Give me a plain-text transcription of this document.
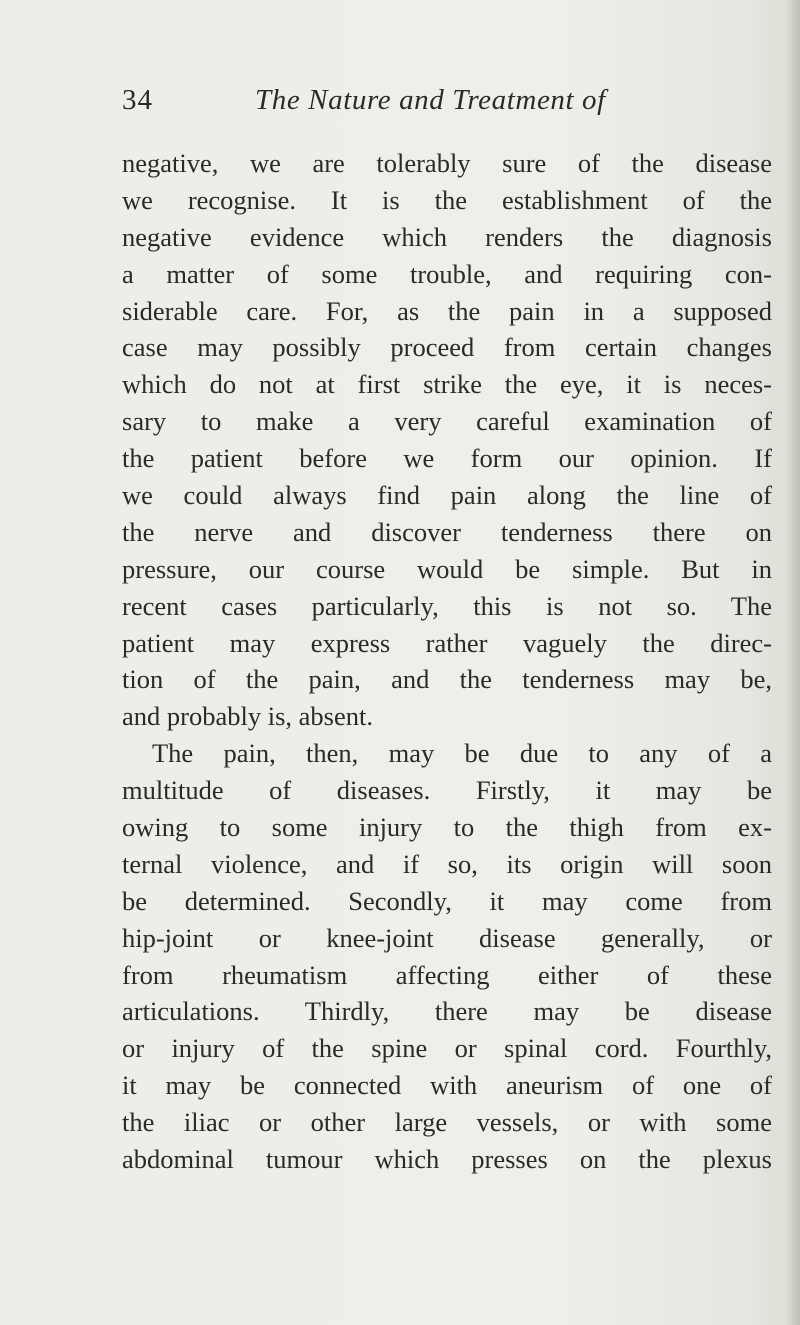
34	The Nature and Treatment of
negative, we are tolerably sure of the disease
we recognise. It is the establishment of the
negative evidence which renders the diagnosis
a matter of some trouble, and requiring con-
siderable care. For, as the pain in a supposed
case may possibly proceed from certain changes
which do not at first strike the eye, it is neces-
sary to make a very careful examination of
the patient before we form our opinion. If
we could always find pain along the line of
the nerve and discover tenderness there on
pressure, our course would be simple. But in
recent cases particularly, this is not so. The
patient may express rather vaguely the direc-
tion of the pain, and the tenderness may be,
and probably is, absent.
The pain, then, may be due to any of a
multitude of diseases. Firstly, it may be
owing to some injury to the thigh from ex-
ternal violence, and if so, its origin will soon
be determined. Secondly, it may come from
hip-joint or knee-joint disease generally, or
from rheumatism affecting either of these
articulations. Thirdly, there may be disease
or injury of the spine or spinal cord. Fourthly,
it may be connected with aneurism of one of
the iliac or other large vessels, or with some
abdominal tumour which presses on the plexus
